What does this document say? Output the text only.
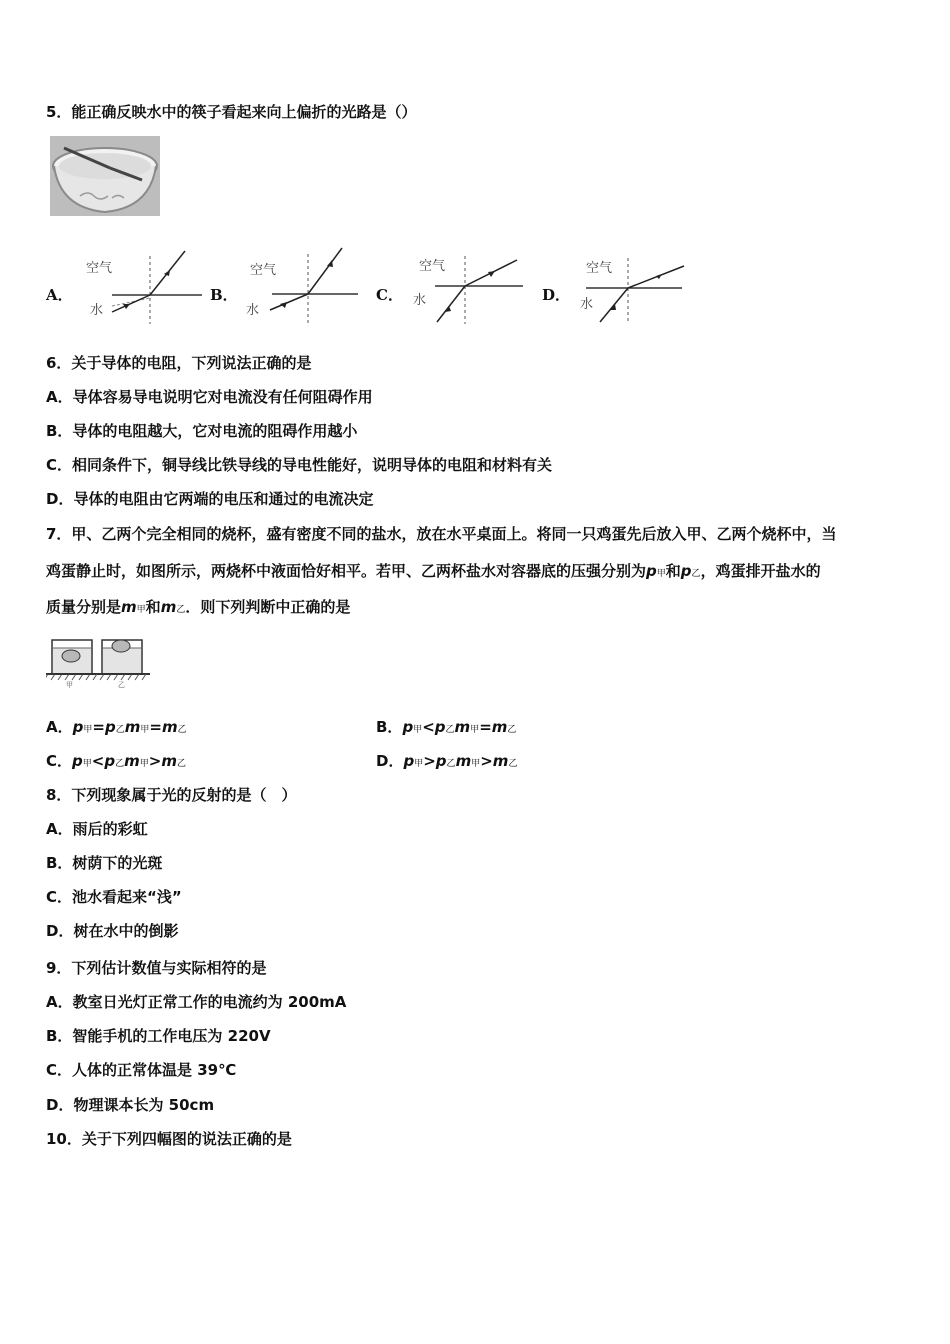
5．能正确反映水中的筷子看起来向上偏折的光路是（）
A．	B．	C．	D．
空气
水
空气
水
空气
水
空气
水
6．关于导体的电阻，下列说法正确的是
A．导体容易导电说明它对电流没有任何阻碍作用
B．导体的电阻越大，它对电流的阻碍作用越小
C．相同条件下，铜导线比铁导线的导电性能好，说明导体的电阻和材料有关
D．导体的电阻由它两端的电压和通过的电流决定
7．甲、乙两个完全相同的烧杯，盛有密度不同的盐水，放在水平桌面上。将同一只鸡蛋先后放入甲、乙两个烧杯中，当
鸡蛋静止时，如图所示，两烧杯中液面恰好相平。若甲、乙两杯盐水对容器底的压强分别为p甲和p乙，鸡蛋排开盐水的
质量分别是m甲和m乙．则下列判断中正确的是
甲	乙
A．p甲=p乙m甲=m乙	B．p甲<p乙m甲=m乙
C．p甲<p乙m甲>m乙	D．p甲>p乙m甲>m乙
8．下列现象属于光的反射的是（　）
A．雨后的彩虹
B．树荫下的光斑
C．池水看起来“浅”
D．树在水中的倒影
9．下列估计数值与实际相符的是
A．教室日光灯正常工作的电流约为 200mA
B．智能手机的工作电压为 220V
C．人体的正常体温是 39℃
D．物理课本长为 50cm
10．关于下列四幅图的说法正确的是
